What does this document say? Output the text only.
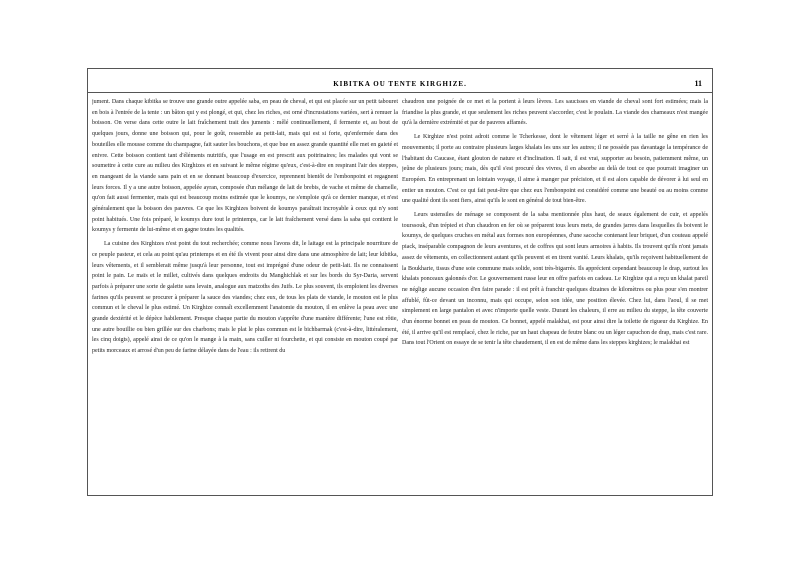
KIBITKA OU TENTE KIRGHIZE.	11

jument. Dans chaque kibitka se trouve une grande outre appelée saba, en peau de cheval, et qui est placée sur un petit tabouret en bois à l'entrée de la tente : un bâton qui y est plongé, et qui, chez les riches, est orné d'incrustations variées, sert à remuer la boisson. On verse dans cette outre le lait fraîchement trait des juments : mêlé continuellement, il fermente et, au bout de quelques jours, donne une boisson qui, pour le goût, ressemble au petit-lait, mais qui est si forte, qu'enfermée dans des bouteilles elle mousse comme du champagne, fait sauter les bouchons, et que bue en assez grande quantité elle met en gaieté et enivre. Cette boisson contient tant d'éléments nutritifs, que l'usage en est prescrit aux poitrinaires; les malades qui vont se soumettre à cette cure au milieu des Kirghizes et en suivant le même régime qu'eux, c'est-à-dire en respirant l'air des steppes, en mangeant de la viande sans pain et en se donnant beaucoup d'exercice, reprennent bientôt de l'embonpoint et regagnent leurs forces. Il y a une autre boisson, appelée ayran, composée d'un mélange de lait de brebis, de vache et même de chamelle, qu'on fait aussi fermenter, mais qui est beaucoup moins estimée que le koumys, ne s'emploie qu'à ce dernier manque, et n'est généralement que la boisson des pauvres. Ce que les Kirghizes boivent de koumys paraîtrait incroyable à ceux qui n'y sont point habitués. Une fois préparé, le koumys dure tout le printemps, car le lait fraîchement versé dans la saba qui contient le koumys y fermente de lui-même et en gagne toutes les qualités.

La cuisine des Kirghizes n'est point du tout recherchée; comme nous l'avons dit, le laitage est la principale nourriture de ce peuple pasteur, et cela au point qu'au printemps et en été ils vivent pour ainsi dire dans une atmosphère de lait; leur kibitka, leurs vêtements, et il semblerait même jusqu'à leur personne, tout est imprégné d'une odeur de petit-lait. Ils ne connaissent point le pain. Le maïs et le millet, cultivés dans quelques endroits du Manghichlak et sur les bords du Syr-Daria, servent parfois à préparer une sorte de galette sans levain, analogue aux matzoths des Juifs. Le plus souvent, ils emploient les diverses farines qu'ils peuvent se procurer à préparer la sauce des viandes; chez eux, de tous les plats de viande, le mouton est le plus commun et le cheval le plus estimé. Un Kirghize connaît excellemment l'anatomie du mouton, il en enlève la peau avec une grande dextérité et le dépèce habilement. Presque chaque partie du mouton s'apprête d'une manière différente; l'une est rôtie, une autre bouillie ou bien grillée sur des charbons; mais le plat le plus commun est le bichbarmak (c'est-à-dire, littéralement, les cinq doigts), appelé ainsi de ce qu'on le mange à la main, sans cuiller ni fourchette, et qui consiste en mouton coupé par petits morceaux et arrosé d'un peu de farine délayée dans de l'eau : ils retirent du

chaudron une poignée de ce met et la portent à leurs lèvres. Les saucisses en viande de cheval sont fort estimées; mais la friandise la plus grande, et que seulement les riches peuvent s'accorder, c'est le poulain. La viande des chameaux n'est mangée qu'à la dernière extrémité et par de pauvres affamés.

Le Kirghize n'est point adroit comme le Tcherkesse, dont le vêtement léger et serré à la taille ne gêne en rien les mouvements; il porte au contraire plusieurs larges khalats les uns sur les autres; il ne possède pas davantage la tempérance de l'habitant du Caucase, étant glouton de nature et d'inclination. Il sait, il est vrai, supporter au besoin, patiemment même, un jeûne de plusieurs jours; mais, dès qu'il s'est procuré des vivres, il en absorbe au delà de tout ce que pourrait imaginer un Européen. En entreprenant un lointain voyage, il aime à manger par précision, et il est alors capable de dévorer à lui seul en entier un mouton. C'est ce qui fait peut-être que chez eux l'embonpoint est considéré comme une beauté ou au moins comme une qualité dont ils sont fiers, ainsi qu'ils le sont en général de tout bien-être.

Leurs ustensiles de ménage se composent de la saba mentionnée plus haut, de seaux également de cuir, et appelés tourssouk, d'un trépied et d'un chaudron en fer où se préparent tous leurs mets, de grandes jarres dans lesquelles ils boivent le koumys, de quelques cruches en métal aux formes non européennes, d'une sacoche contenant leur briquet, d'un couteau appelé piack, inséparable compagnon de leurs aventures, et de coffres qui sont leurs armoires à habits. Ils trouvent qu'ils n'ont jamais assez de vêtements, en collectionnent autant qu'ils peuvent et en tirent vanité. Leurs khalats, qu'ils reçoivent habituellement de la Boukharie, tissus d'une soie commune mais solide, sont très-bigarrés. Ils apprécient cependant beaucoup le drap, surtout les khalats ponceaux galonnés d'or. Le gouvernement russe leur en offre parfois en cadeau. Le Kirghize qui a reçu un khalat pareil ne néglige aucune occasion d'en faire parade : il est prêt à franchir quelques dizaines de kilomètres ou plus pour s'en montrer affublé, fût-ce devant un inconnu, mais qui occupe, selon son idée, une position élevée. Chez lui, dans l'aoul, il se met simplement en large pantalon et avec n'importe quelle veste. Durant les chaleurs, il erre au milieu du steppe, la tête couverte d'un énorme bonnet en peau de mouton. Ce bonnet, appelé malakhai, est pour ainsi dire la toilette de rigueur du Kirghize. En été, il arrive qu'il est remplacé, chez le riche, par un haut chapeau de feutre blanc ou un léger capuchon de drap, mais c'est rare. Dans tout l'Orient on essaye de se tenir la tête chaudement, il en est de même dans les steppes kirghizes; le malakhai est
